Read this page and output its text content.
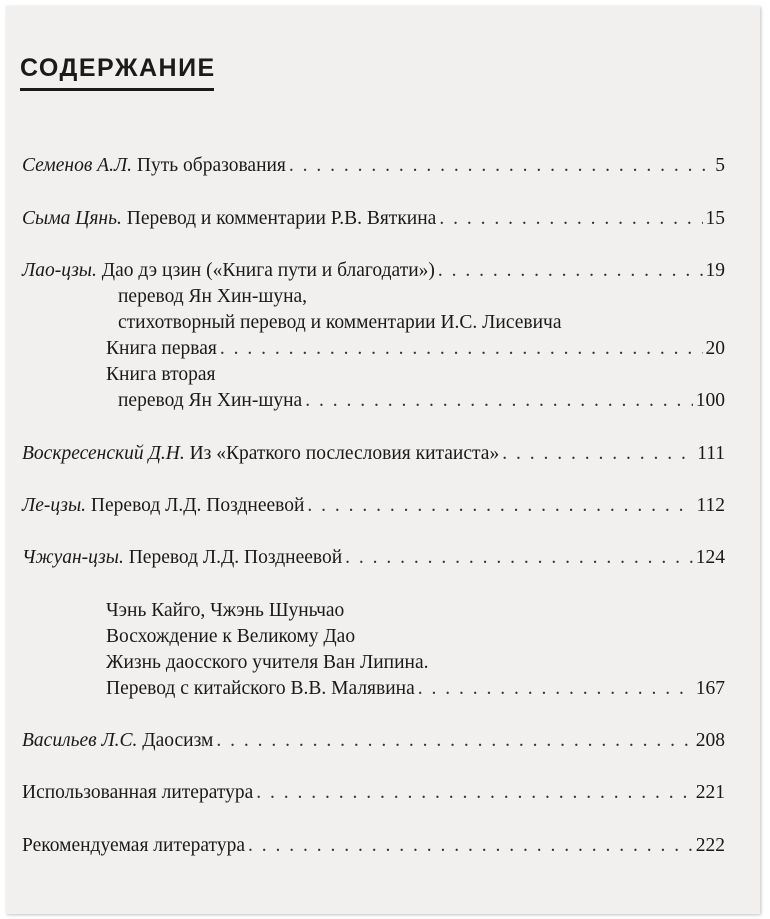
СОДЕРЖАНИЕ
Семенов А.Л. Путь образования . . .	5
Сыма Цянь. Перевод и комментарии Р.В. Вяткина . . .	15
Лао-цзы. Дао дэ цзин («Книга пути и благодати») . . .	19
перевод Ян Хин-шуна,
стихотворный перевод и комментарии И.С. Лисевича
Книга первая . . .	20
Книга вторая
перевод Ян Хин-шуна . . .	100
Воскресенский Д.Н. Из «Краткого послесловия китаиста» . . .	111
Ле-цзы. Перевод Л.Д. Позднеевой . . .	112
Чжуан-цзы. Перевод Л.Д. Позднеевой . . .	124
Чэнь Кайго, Чжэнь Шуньчао
Восхождение к Великому Дао
Жизнь даосского учителя Ван Липина.
Перевод с китайского В.В. Малявина . . .	167
Васильев Л.С. Даосизм . . .	208
Использованная литература . . .	221
Рекомендуемая литература . . .	222
